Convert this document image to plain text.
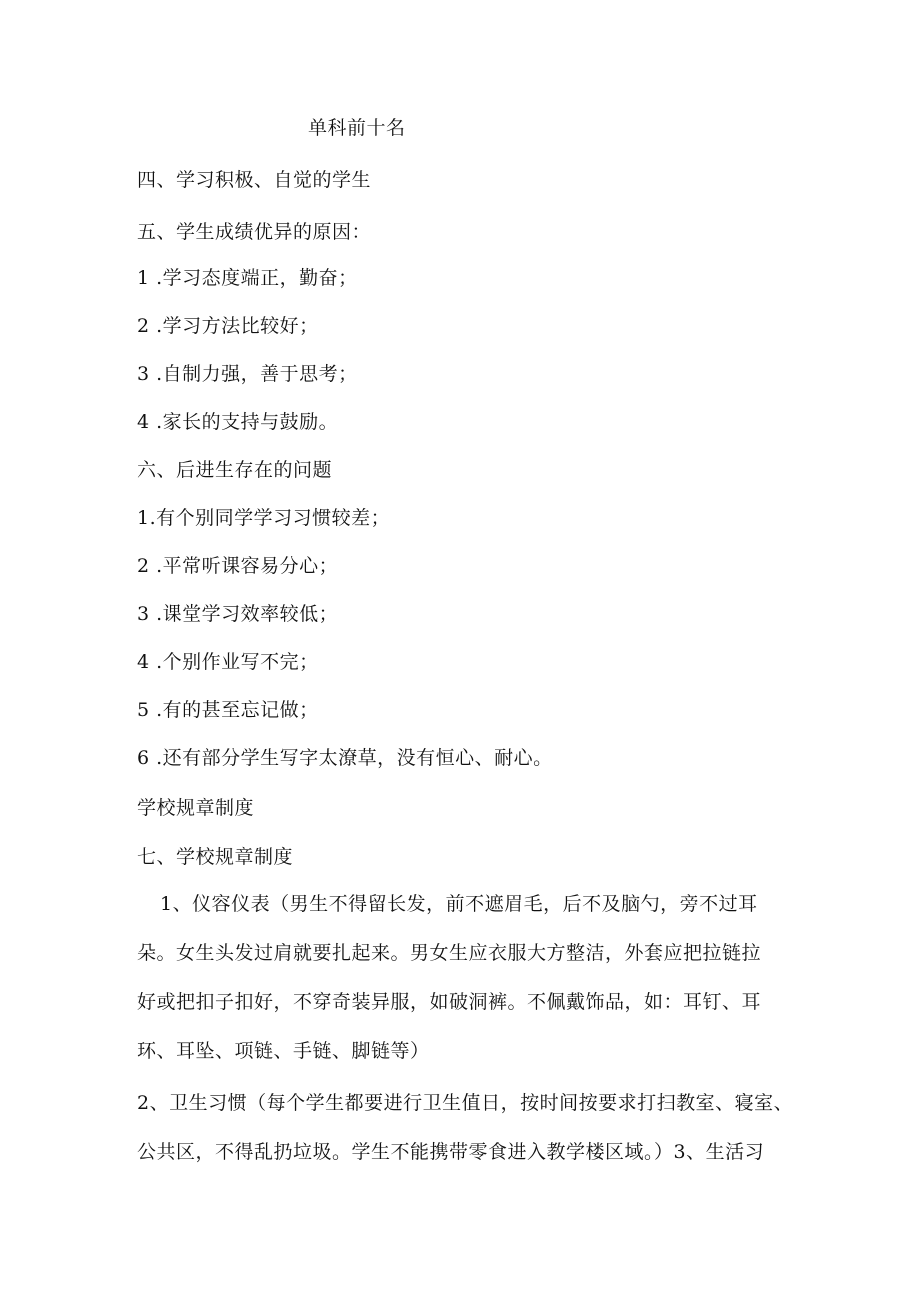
单科前十名
四、学习积极、自觉的学生
五、学生成绩优异的原因：
1 .学习态度端正，勤奋；
2 .学习方法比较好；
3 .自制力强，善于思考；
4 .家长的支持与鼓励。
六、后进生存在的问题
1.有个别同学学习习惯较差；
2 .平常听课容易分心；
3 .课堂学习效率较低；
4 .个别作业写不完；
5 .有的甚至忘记做；
6 .还有部分学生写字太潦草，没有恒心、耐心。
学校规章制度
七、学校规章制度
1、仪容仪表（男生不得留长发，前不遮眉毛，后不及脑勺，旁不过耳
朵。女生头发过肩就要扎起来。男女生应衣服大方整洁，外套应把拉链拉
好或把扣子扣好，不穿奇装异服，如破洞裤。不佩戴饰品，如：耳钉、耳
环、耳坠、项链、手链、脚链等）
2、卫生习惯（每个学生都要进行卫生值日，按时间按要求打扫教室、寝室、
公共区，不得乱扔垃圾。学生不能携带零食进入教学楼区域。）3、生活习
